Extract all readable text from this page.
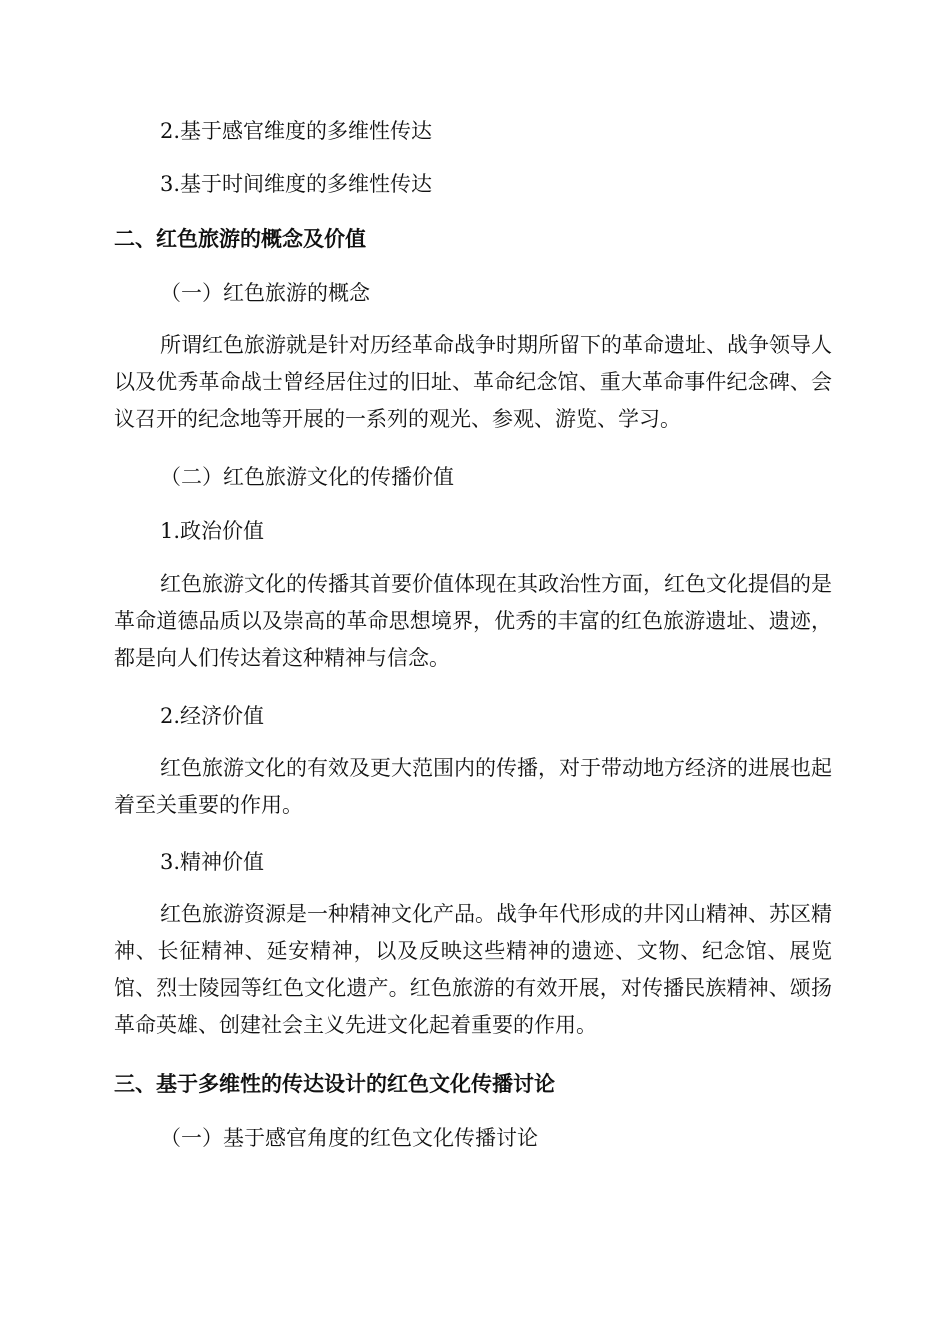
2.基于感官维度的多维性传达
3.基于时间维度的多维性传达
二、红色旅游的概念及价值
（一）红色旅游的概念

所谓红色旅游就是针对历经革命战争时期所留下的革命遗址、战争领导人以及优秀革命战士曾经居住过的旧址、革命纪念馆、重大革命事件纪念碑、会议召开的纪念地等开展的一系列的观光、参观、游览、学习。

（二）红色旅游文化的传播价值
1.政治价值

红色旅游文化的传播其首要价值体现在其政治性方面，红色文化提倡的是革命道德品质以及崇高的革命思想境界，优秀的丰富的红色旅游遗址、遗迹，都是向人们传达着这种精神与信念。

2.经济价值

红色旅游文化的有效及更大范围内的传播，对于带动地方经济的进展也起着至关重要的作用。

3.精神价值

红色旅游资源是一种精神文化产品。战争年代形成的井冈山精神、苏区精神、长征精神、延安精神，以及反映这些精神的遗迹、文物、纪念馆、展览馆、烈士陵园等红色文化遗产。红色旅游的有效开展，对传播民族精神、颂扬革命英雄、创建社会主义先进文化起着重要的作用。

三、基于多维性的传达设计的红色文化传播讨论
（一）基于感官角度的红色文化传播讨论
